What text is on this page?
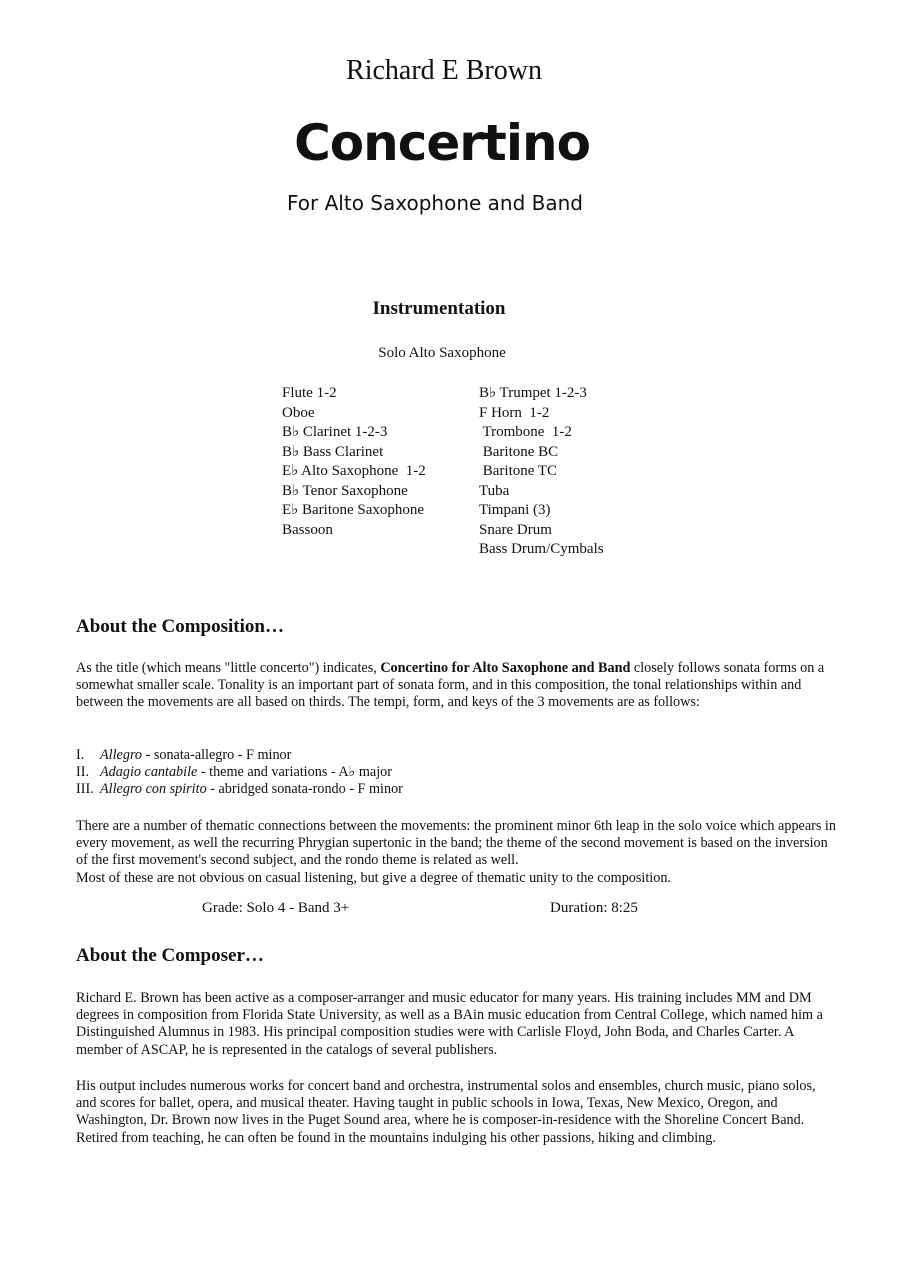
Richard E Brown
Concertino
For Alto Saxophone and Band
Instrumentation
Solo Alto Saxophone
Flute 1-2
Oboe
B♭ Clarinet 1-2-3
B♭ Bass Clarinet
E♭ Alto Saxophone  1-2
B♭ Tenor Saxophone
E♭ Baritone Saxophone
Bassoon
B♭ Trumpet 1-2-3
F Horn  1-2
Trombone  1-2
Baritone BC
Baritone TC
Tuba
Timpani (3)
Snare Drum
Bass Drum/Cymbals
About the Composition…
As the title (which means "little concerto") indicates, Concertino for Alto Saxophone and Band closely follows sonata forms on a somewhat smaller scale. Tonality is an important part of sonata form, and in this composition, the tonal relationships within and between the movements are all based on thirds. The tempi, form, and keys of the 3 movements are as follows:
I. Allegro - sonata-allegro - F minor
II. Adagio cantabile - theme and variations - A♭ major
III. Allegro con spirito - abridged sonata-rondo - F minor
There are a number of thematic connections between the movements: the prominent minor 6th leap in the solo voice which appears in every movement, as well the recurring Phrygian supertonic in the band; the theme of the second movement is based on the inversion of the first movement's second subject, and the rondo theme is related as well.
Most of these are not obvious on casual listening, but give a degree of thematic unity to the composition.
Grade: Solo 4 - Band 3+	Duration: 8:25
About the Composer…
Richard E. Brown has been active as a composer-arranger and music educator for many years. His training includes MM and DM degrees in composition from Florida State University, as well as a BAin music education from Central College, which named him a Distinguished Alumnus in 1983. His principal composition studies were with Carlisle Floyd, John Boda, and Charles Carter. A member of ASCAP, he is represented in the catalogs of several publishers.
His output includes numerous works for concert band and orchestra, instrumental solos and ensembles, church music, piano solos, and scores for ballet, opera, and musical theater. Having taught in public schools in Iowa, Texas, New Mexico, Oregon, and Washington, Dr. Brown now lives in the Puget Sound area, where he is composer-in-residence with the Shoreline Concert Band. Retired from teaching, he can often be found in the mountains indulging his other passions, hiking and climbing.
